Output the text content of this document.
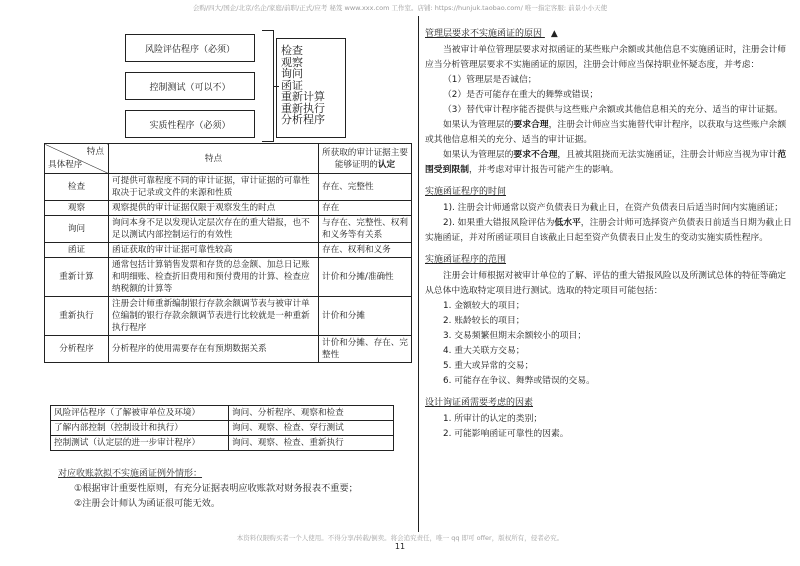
会购/四大/国企/北京/名企/家庭/前职/正式/应考 秘笈 www.xxx.com 工作室。店铺: https://hunjuk.taobao.com/ 唯一指定客服: 前景小小天使
风险评估程序（必须）
控制测试（可以不）
实质性程序（必须）
检查
观察
询问
函证
重新计算
重新执行
分析程序
特点
具体程序	特点	所获取的审计证据主要能够证明的认定
检查	可提供可靠程度不同的审计证据，审计证据的可靠性取决于记录或文件的来源和性质	存在、完整性
观察	观察提供的审计证据仅限于观察发生的时点	存在
询问	询问本身不足以发现认定层次存在的重大错报，也不足以测试内部控制运行的有效性	与存在、完整性、权利和义务等有关系
函证	函证获取的审计证据可靠性较高	存在、权利和义务
重新计算	通常包括计算销售发票和存货的总金额、加总日记账和明细账、检查折旧费用和预付费用的计算、检查应纳税额的计算等	计价和分摊/准确性
重新执行	注册会计师重新编制银行存款余额调节表与被审计单位编制的银行存款余额调节表进行比较就是一种重新执行程序	计价和分摊
分析程序	分析程序的使用需要存在有预期数据关系	计价和分摊、存在、完整性
风险评估程序（了解被审单位及环境）	询问、分析程序、观察和检查
了解内部控制（控制设计和执行）	询问、观察、检查、穿行测试
控制测试（认定层的进一步审计程序）	询问、观察、检查、重新执行
对应收账款拟不实施函证例外情形：
①根据审计重要性原则，有充分证据表明应收账款对财务报表不重要；
②注册会计师认为函证很可能无效。
管理层要求不实施函证的原因 ▲
当被审计单位管理层要求对拟函证的某些账户余额或其他信息不实施函证时，注册会计师应当分析管理层要求不实施函证的原因，注册会计师应当保持职业怀疑态度，并考虑：
（1）管理层是否诚信；
（2）是否可能存在重大的舞弊或错误；
（3）替代审计程序能否提供与这些账户余额或其他信息相关的充分、适当的审计证据。
如果认为管理层的要求合理，注册会计师应当实施替代审计程序，以获取与这些账户余额或其他信息相关的充分、适当的审计证据。
如果认为管理层的要求不合理，且被其阻挠而无法实施函证，注册会计师应当视为审计范围受到限制，并考虑对审计报告可能产生的影响。
实施函证程序的时间
1). 注册会计师通常以资产负债表日为截止日，在资产负债表日后适当时间内实施函证；
2). 如果重大错报风险评估为低水平，注册会计师可选择资产负债表日前适当日期为截止日实施函证，并对所函证项目自该截止日起至资产负债表日止发生的变动实施实质性程序。
实施函证程序的范围
注册会计师根据对被审计单位的了解、评估的重大错报风险以及所测试总体的特征等确定从总体中选取特定项目进行测试。选取的特定项目可能包括：
1. 金额较大的项目；
2. 账龄较长的项目；
3. 交易频繁但期末余额较小的项目；
4. 重大关联方交易；
5. 重大或异常的交易；
6. 可能存在争议、舞弊或错误的交易。
设计询证函需要考虑的因素
1. 所审计的认定的类别；
2. 可能影响函证可靠性的因素。
本资料仅限购买者一个人使用。不得分享/转载/倒卖。将会追究责任，唯一 qq 即可 offer，版权所有，侵者必究。
11
